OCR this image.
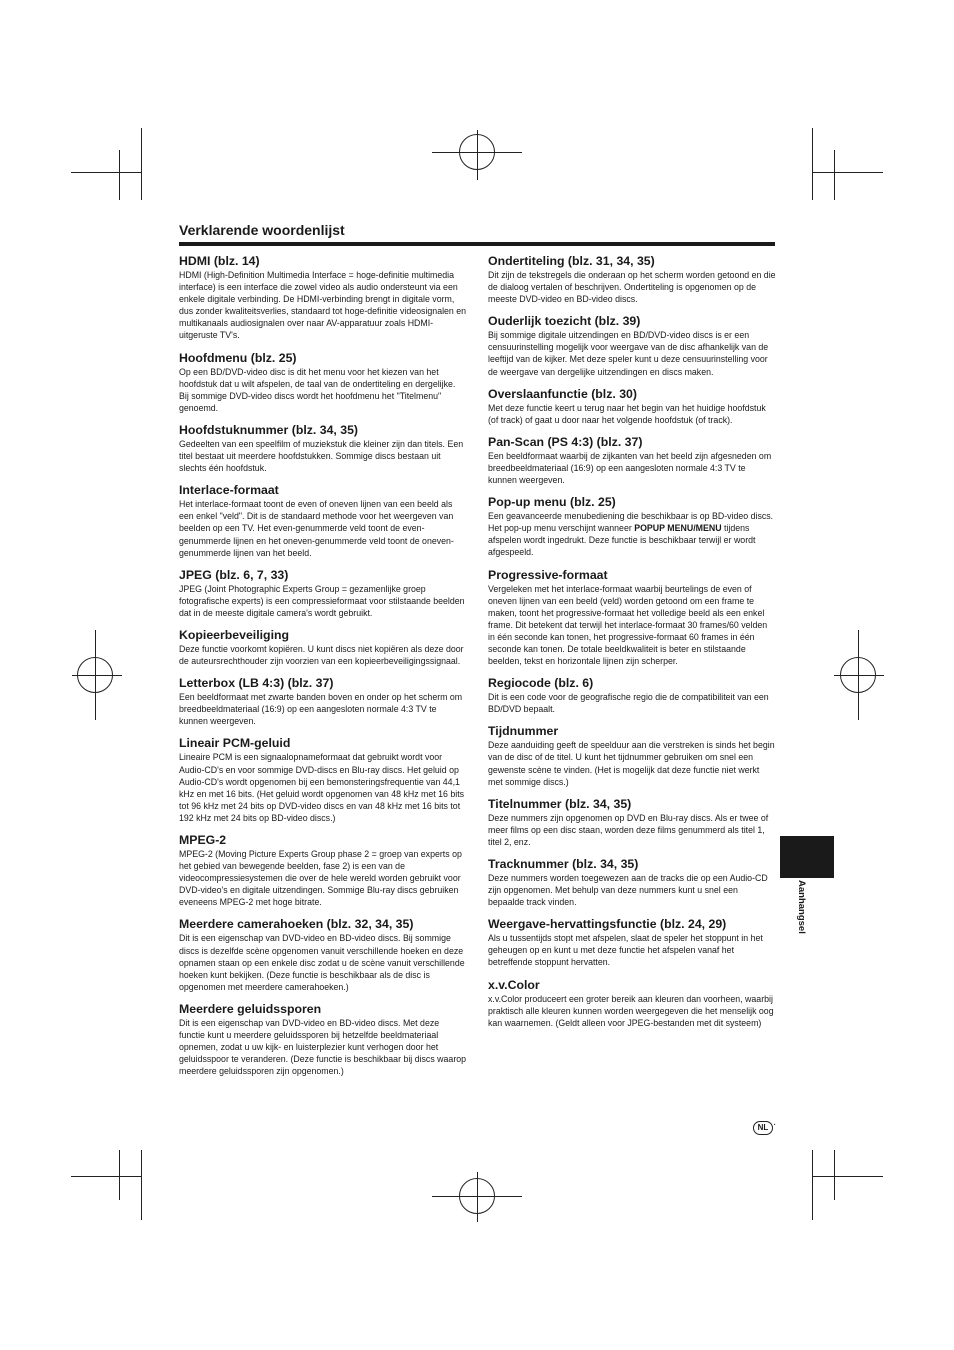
Verklarende woordenlijst

HDMI (blz. 14)

HDMI (High-Definition Multimedia Interface = hoge-definitie multimedia interface) is een interface die zowel video als audio ondersteunt via een enkele digitale verbinding. De HDMI-verbinding brengt in digitale vorm, dus zonder kwaliteitsverlies, standaard tot hoge-definitie videosignalen en multikanaals audiosignalen over naar AV-apparatuur zoals HDMI-uitgeruste TV's.

Hoofdmenu (blz. 25)

Op een BD/DVD-video disc is dit het menu voor het kiezen van het hoofdstuk dat u wilt afspelen, de taal van de ondertiteling en dergelijke. Bij sommige DVD-video discs wordt het hoofdmenu het "Titelmenu" genoemd.

Hoofdstuknummer (blz. 34, 35)

Gedeelten van een speelfilm of muziekstuk die kleiner zijn dan titels. Een titel bestaat uit meerdere hoofdstukken. Sommige discs bestaan uit slechts één hoofdstuk.

Interlace-formaat

Het interlace-formaat toont de even of oneven lijnen van een beeld als een enkel "veld". Dit is de standaard methode voor het weergeven van beelden op een TV. Het even-genummerde veld toont de even-genummerde lijnen en het oneven-genummerde veld toont de oneven-genummerde lijnen van het beeld.

JPEG (blz. 6, 7, 33)

JPEG (Joint Photographic Experts Group = gezamenlijke groep fotografische experts) is een compressieformaat voor stilstaande beelden dat in de meeste digitale camera's wordt gebruikt.

Kopieerbeveiliging

Deze functie voorkomt kopiëren. U kunt discs niet kopiëren als deze door de auteursrechthouder zijn voorzien van een kopieerbeveiligingssignaal.

Letterbox (LB 4:3) (blz. 37)

Een beeldformaat met zwarte banden boven en onder op het scherm om breedbeeldmateriaal (16:9) op een aangesloten normale 4:3 TV te kunnen weergeven.

Lineair PCM-geluid

Lineaire PCM is een signaalopnameformaat dat gebruikt wordt voor Audio-CD's en voor sommige DVD-discs en Blu-ray discs. Het geluid op Audio-CD's wordt opgenomen bij een bemonsteringsfrequentie van 44,1 kHz en met 16 bits. (Het geluid wordt opgenomen van 48 kHz met 16 bits tot 96 kHz met 24 bits op DVD-video discs en van 48 kHz met 16 bits tot 192 kHz met 24 bits op BD-video discs.)

MPEG-2

MPEG-2 (Moving Picture Experts Group phase 2 = groep van experts op het gebied van bewegende beelden, fase 2) is een van de videocompressiesystemen die over de hele wereld worden gebruikt voor DVD-video's en digitale uitzendingen. Sommige Blu-ray discs gebruiken eveneens MPEG-2 met hoge bitrate.

Meerdere camerahoeken (blz. 32, 34, 35)

Dit is een eigenschap van DVD-video en BD-video discs. Bij sommige discs is dezelfde scène opgenomen vanuit verschillende hoeken en deze opnamen staan op een enkele disc zodat u de scène vanuit verschillende hoeken kunt bekijken. (Deze functie is beschikbaar als de disc is opgenomen met meerdere camerahoeken.)

Meerdere geluidssporen

Dit is een eigenschap van DVD-video en BD-video discs. Met deze functie kunt u meerdere geluidssporen bij hetzelfde beeldmateriaal opnemen, zodat u uw kijk- en luisterplezier kunt verhogen door het geluidsspoor te veranderen. (Deze functie is beschikbaar bij discs waarop meerdere geluidssporen zijn opgenomen.)

Ondertiteling (blz. 31, 34, 35)

Dit zijn de tekstregels die onderaan op het scherm worden getoond en die de dialoog vertalen of beschrijven. Ondertiteling is opgenomen op de meeste DVD-video en BD-video discs.

Ouderlijk toezicht (blz. 39)

Bij sommige digitale uitzendingen en BD/DVD-video discs is er een censuurinstelling mogelijk voor weergave van de disc afhankelijk van de leeftijd van de kijker. Met deze speler kunt u deze censuurinstelling voor de weergave van dergelijke uitzendingen en discs maken.

Overslaanfunctie (blz. 30)

Met deze functie keert u terug naar het begin van het huidige hoofdstuk (of track) of gaat u door naar het volgende hoofdstuk (of track).

Pan-Scan (PS 4:3) (blz. 37)

Een beeldformaat waarbij de zijkanten van het beeld zijn afgesneden om breedbeeldmateriaal (16:9) op een aangesloten normale 4:3 TV te kunnen weergeven.

Pop-up menu (blz. 25)

Een geavanceerde menubediening die beschikbaar is op BD-video discs. Het pop-up menu verschijnt wanneer POPUP MENU/MENU tijdens afspelen wordt ingedrukt. Deze functie is beschikbaar terwijl er wordt afgespeeld.

Progressive-formaat

Vergeleken met het interlace-formaat waarbij beurtelings de even of oneven lijnen van een beeld (veld) worden getoond om een frame te maken, toont het progressive-formaat het volledige beeld als een enkel frame. Dit betekent dat terwijl het interlace-formaat 30 frames/60 velden in één seconde kan tonen, het progressive-formaat 60 frames in één seconde kan tonen. De totale beeldkwaliteit is beter en stilstaande beelden, tekst en horizontale lijnen zijn scherper.

Regiocode (blz. 6)

Dit is een code voor de geografische regio die de compatibiliteit van een BD/DVD bepaalt.

Tijdnummer

Deze aanduiding geeft de speelduur aan die verstreken is sinds het begin van de disc of de titel. U kunt het tijdnummer gebruiken om snel een gewenste scène te vinden. (Het is mogelijk dat deze functie niet werkt met sommige discs.)

Titelnummer (blz. 34, 35)

Deze nummers zijn opgenomen op DVD en Blu-ray discs. Als er twee of meer films op een disc staan, worden deze films genummerd als titel 1, titel 2, enz.

Tracknummer (blz. 34, 35)

Deze nummers worden toegewezen aan de tracks die op een Audio-CD zijn opgenomen. Met behulp van deze nummers kunt u snel een bepaalde track vinden.

Weergave-hervattingsfunctie (blz. 24, 29)

Als u tussentijds stopt met afspelen, slaat de speler het stoppunt in het geheugen op en kunt u met deze functie het afspelen vanaf het betreffende stoppunt hervatten.

x.v.Color

x.v.Color produceert een groter bereik aan kleuren dan voorheen, waarbij praktisch alle kleuren kunnen worden weergegeven die het menselijk oog kan waarnemen. (Geldt alleen voor JPEG-bestanden met dit systeem)

Aanhangsel
NL ·
